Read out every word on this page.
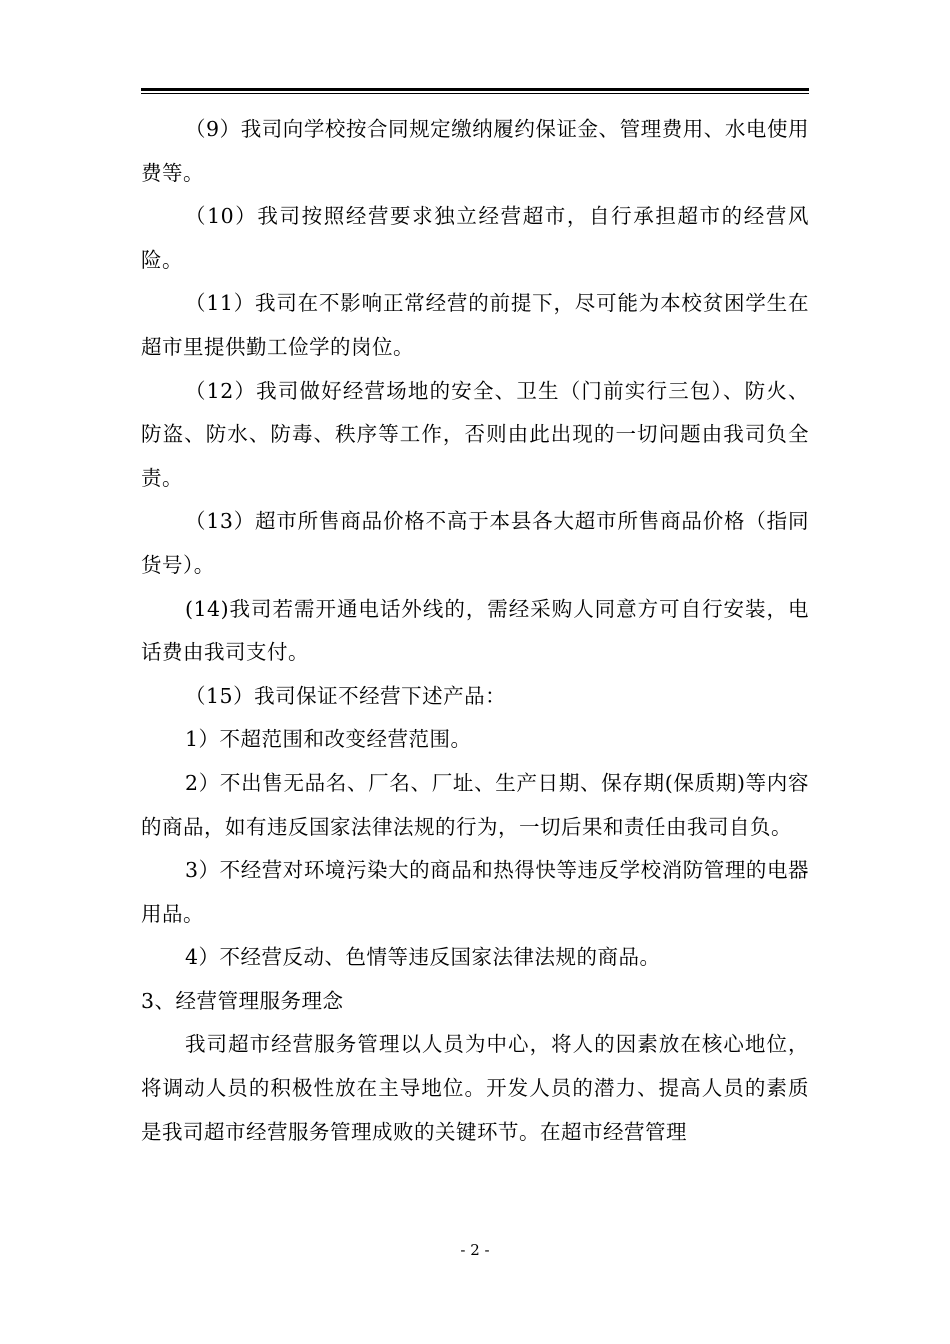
（9）我司向学校按合同规定缴纳履约保证金、管理费用、水电使用费等。

（10）我司按照经营要求独立经营超市，自行承担超市的经营风险。

（11）我司在不影响正常经营的前提下，尽可能为本校贫困学生在超市里提供勤工俭学的岗位。

（12）我司做好经营场地的安全、卫生（门前实行三包）、防火、防盗、防水、防毒、秩序等工作，否则由此出现的一切问题由我司负全责。

（13）超市所售商品价格不高于本县各大超市所售商品价格（指同货号）。

(14)我司若需开通电话外线的，需经采购人同意方可自行安装，电话费由我司支付。

（15）我司保证不经营下述产品：

1）不超范围和改变经营范围。

2）不出售无品名、厂名、厂址、生产日期、保存期(保质期)等内容的商品，如有违反国家法律法规的行为，一切后果和责任由我司自负。

3）不经营对环境污染大的商品和热得快等违反学校消防管理的电器用品。

4）不经营反动、色情等违反国家法律法规的商品。

3、经营管理服务理念

我司超市经营服务管理以人员为中心，将人的因素放在核心地位，将调动人员的积极性放在主导地位。开发人员的潜力、提高人员的素质是我司超市经营服务管理成败的关键环节。在超市经营管理

- 2 -
